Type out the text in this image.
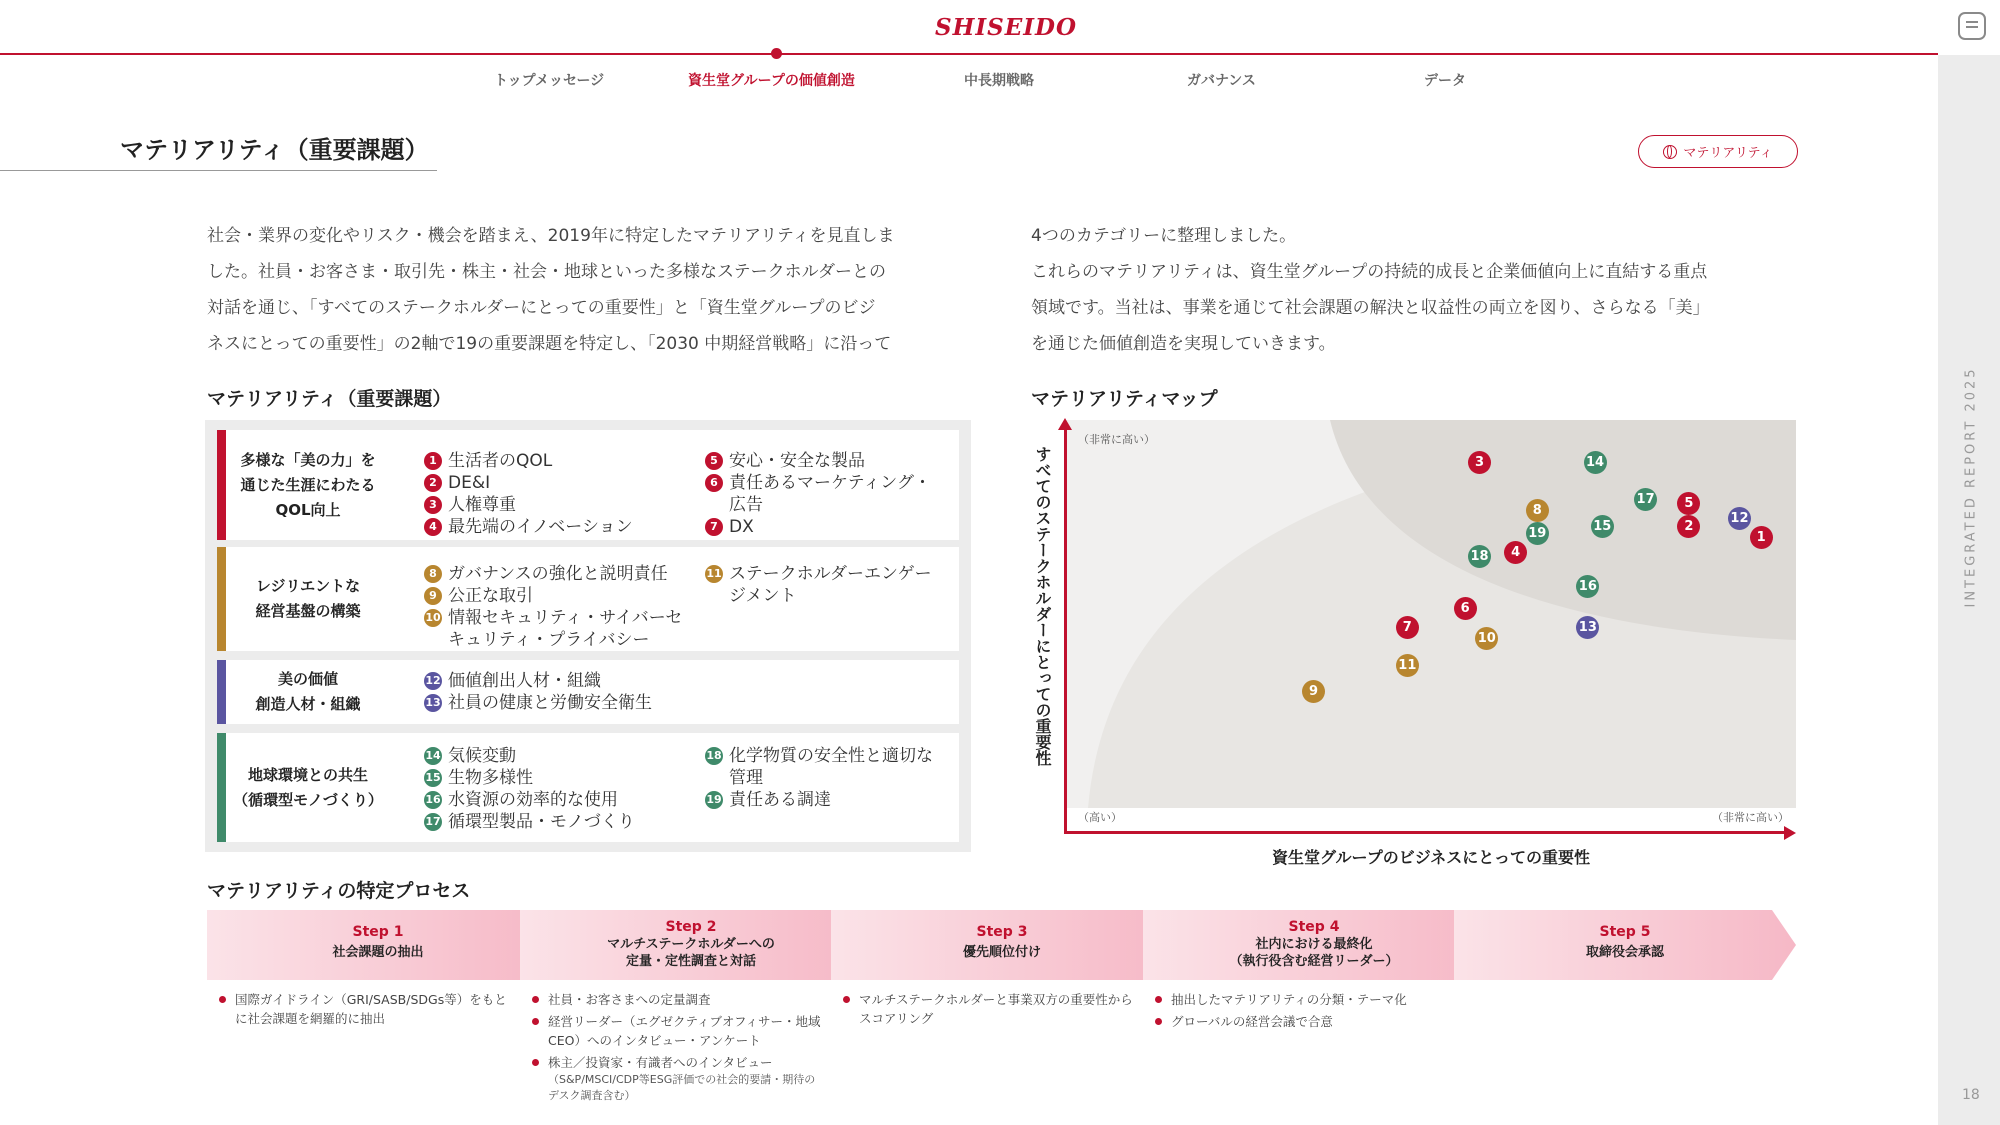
SHISEIDO
トップメッセージ	資生堂グループの価値創造	中長期戦略	ガバナンス	データ
18
マテリアリティ（重要課題）	マテリアリティ

社会・業界の変化やリスク・機会を踏まえ、2019年に特定したマテリアリティを見直しま

した。社員・お客さま・取引先・株主・社会・地球といった多様なステークホルダーとの

対話を通じ、「すべてのステークホルダーにとっての重要性」と「資生堂グループのビジ

ネスにとっての重要性」の2軸で19の重要課題を特定し、「2030 中期経営戦略」に沿って

4つのカテゴリーに整理しました。

これらのマテリアリティは、資生堂グループの持続的成長と企業価値向上に直結する重点

領域です。当社は、事業を通じて社会課題の解決と収益性の両立を図り、さらなる「美」

を通じた価値創造を実現していきます。

マテリアリティ（重要課題）
多様な「美の力」を
通じた生涯にわたる
QOL向上
1 生活者のQOL
2 DE&I
3 人権尊重
4 最先端のイノベーション
5 安心・安全な製品
6 責任あるマーケティング・広告
7 DX
レジリエントな
経営基盤の構築
8 ガバナンスの強化と説明責任
9 公正な取引
10 情報セキュリティ・サイバーセキュリティ・プライバシー
11 ステークホルダーエンゲージメント
美の価値
創造人材・組織
12 価値創出人材・組織
13 社員の健康と労働安全衛生
地球環境との共生
（循環型モノづくり）
14 気候変動
15 生物多様性
16 水資源の効率的な使用
17 循環型製品・モノづくり
18 化学物質の安全性と適切な管理
19 責任ある調達
マテリアリティマップ
（非常に高い）
（高い）	（非常に高い）
すべてのステークホルダーにとっての重要性
資生堂グループのビジネスにとっての重要性
1
2
3
4
5
6
7
8
9
10
11
12
13
14
15
16
17
18
19
マテリアリティの特定プロセス
Step 1
社会課題の抽出
国際ガイドライン（GRI/SASB/SDGs等）をもとに社会課題を網羅的に抽出
Step 2
マルチステークホルダーへの
定量・定性調査と対話
社員・お客さまへの定量調査
経営リーダー（エグゼクティブオフィサー・地域CEO）へのインタビュー・アンケート
株主／投資家・有識者へのインタビュー
（S&P/MSCI/CDP等ESG評価での社会的要請・期待のデスク調査含む）
Step 3
優先順位付け
マルチステークホルダーと事業双方の重要性からスコアリング
Step 4
社内における最終化
（執行役含む経営リーダー）
抽出したマテリアリティの分類・テーマ化
グローバルの経営会議で合意
Step 5
取締役会承認
